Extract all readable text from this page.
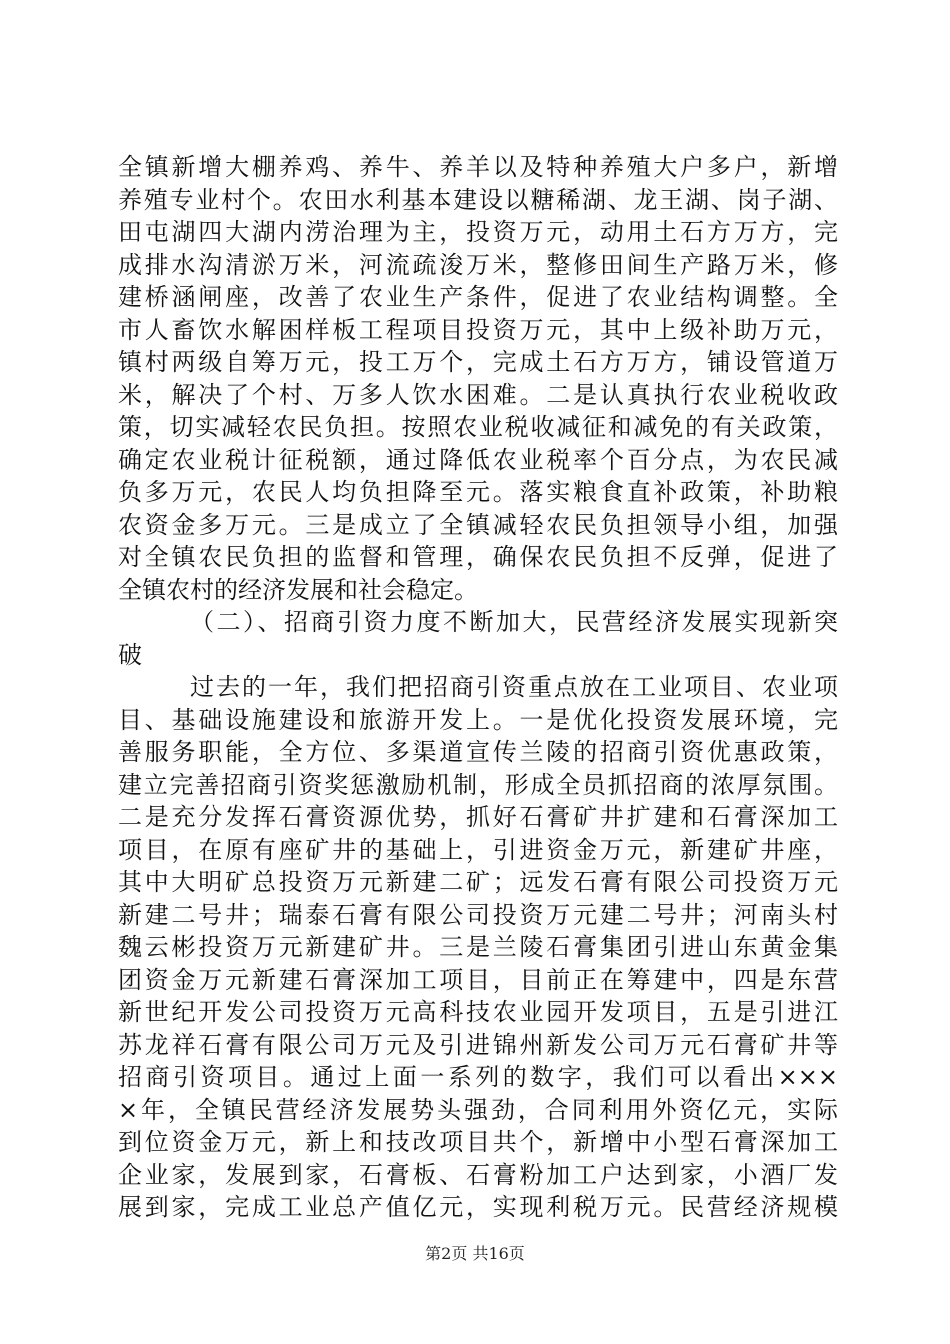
全镇新增大棚养鸡、养牛、养羊以及特种养殖大户多户，新增
养殖专业村个。农田水利基本建设以糖稀湖、龙王湖、岗子湖、
田屯湖四大湖内涝治理为主，投资万元，动用土石方万方，完
成排水沟清淤万米，河流疏浚万米，整修田间生产路万米，修
建桥涵闸座，改善了农业生产条件，促进了农业结构调整。全
市人畜饮水解困样板工程项目投资万元，其中上级补助万元，
镇村两级自筹万元，投工万个，完成土石方万方，铺设管道万
米，解决了个村、万多人饮水困难。二是认真执行农业税收政
策，切实减轻农民负担。按照农业税收减征和减免的有关政策，
确定农业税计征税额，通过降低农业税率个百分点，为农民减
负多万元，农民人均负担降至元。落实粮食直补政策，补助粮
农资金多万元。三是成立了全镇减轻农民负担领导小组，加强
对全镇农民负担的监督和管理，确保农民负担不反弹，促进了
全镇农村的经济发展和社会稳定。
（二）、招商引资力度不断加大，民营经济发展实现新突
破
过去的一年，我们把招商引资重点放在工业项目、农业项
目、基础设施建设和旅游开发上。一是优化投资发展环境，完
善服务职能，全方位、多渠道宣传兰陵的招商引资优惠政策，
建立完善招商引资奖惩激励机制，形成全员抓招商的浓厚氛围。
二是充分发挥石膏资源优势，抓好石膏矿井扩建和石膏深加工
项目，在原有座矿井的基础上，引进资金万元，新建矿井座，
其中大明矿总投资万元新建二矿；远发石膏有限公司投资万元
新建二号井；瑞泰石膏有限公司投资万元建二号井；河南头村
魏云彬投资万元新建矿井。三是兰陵石膏集团引进山东黄金集
团资金万元新建石膏深加工项目，目前正在筹建中，四是东营
新世纪开发公司投资万元高科技农业园开发项目，五是引进江
苏龙祥石膏有限公司万元及引进锦州新发公司万元石膏矿井等
招商引资项目。通过上面一系列的数字，我们可以看出×××
×年，全镇民营经济发展势头强劲，合同利用外资亿元，实际
到位资金万元，新上和技改项目共个，新增中小型石膏深加工
企业家，发展到家，石膏板、石膏粉加工户达到家，小酒厂发
展到家，完成工业总产值亿元，实现利税万元。民营经济规模
第2页 共16页
